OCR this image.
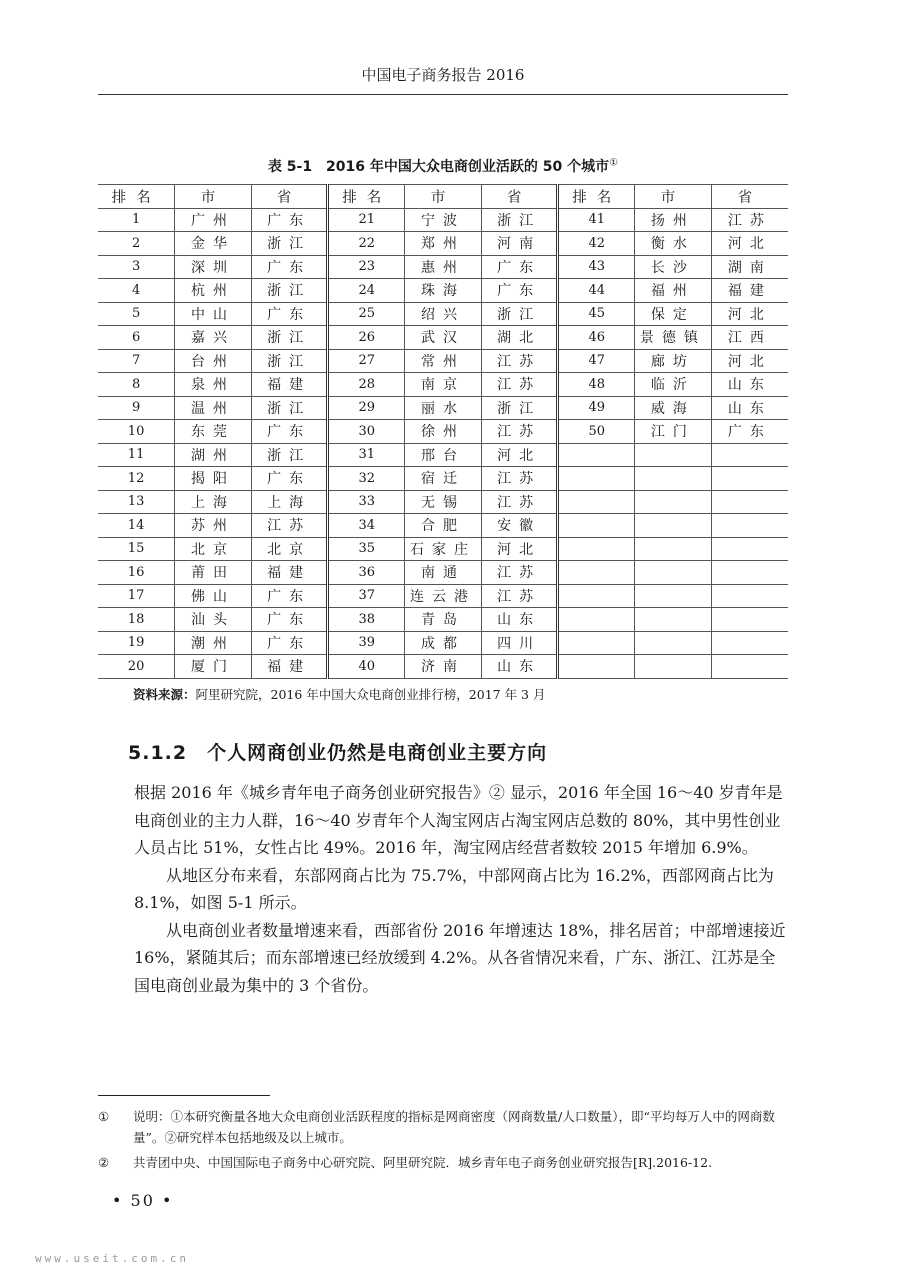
中国电子商务报告 2016
表 5-1　2016 年中国大众电商创业活跃的 50 个城市①
排名	市	省	排名	市	省	排名	市	省
1	广州	广东	21	宁波	浙江	41	扬州	江苏
2	金华	浙江	22	郑州	河南	42	衡水	河北
3	深圳	广东	23	惠州	广东	43	长沙	湖南
4	杭州	浙江	24	珠海	广东	44	福州	福建
5	中山	广东	25	绍兴	浙江	45	保定	河北
6	嘉兴	浙江	26	武汉	湖北	46	景德镇	江西
7	台州	浙江	27	常州	江苏	47	廊坊	河北
8	泉州	福建	28	南京	江苏	48	临沂	山东
9	温州	浙江	29	丽水	浙江	49	威海	山东
10	东莞	广东	30	徐州	江苏	50	江门	广东
11	湖州	浙江	31	邢台	河北			
12	揭阳	广东	32	宿迁	江苏			
13	上海	上海	33	无锡	江苏			
14	苏州	江苏	34	合肥	安徽			
15	北京	北京	35	石家庄	河北			
16	莆田	福建	36	南通	江苏			
17	佛山	广东	37	连云港	江苏			
18	汕头	广东	38	青岛	山东			
19	潮州	广东	39	成都	四川			
20	厦门	福建	40	济南	山东			
资料来源：阿里研究院，2016 年中国大众电商创业排行榜，2017 年 3 月
5.1.2　个人网商创业仍然是电商创业主要方向

根据 2016 年《城乡青年电子商务创业研究报告》② 显示，2016 年全国 16～40 岁青年是电商创业的主力人群，16～40 岁青年个人淘宝网店占淘宝网店总数的 80%，其中男性创业人员占比 51%，女性占比 49%。2016 年，淘宝网店经营者数较 2015 年增加 6.9%。

　　从地区分布来看，东部网商占比为 75.7%，中部网商占比为 16.2%，西部网商占比为 8.1%，如图 5-1 所示。

　　从电商创业者数量增速来看，西部省份 2016 年增速达 18%，排名居首；中部增速接近 16%，紧随其后；而东部增速已经放缓到 4.2%。从各省情况来看，广东、浙江、江苏是全国电商创业最为集中的 3 个省份。

①	说明：①本研究衡量各地大众电商创业活跃程度的指标是网商密度（网商数量/人口数量），即“平均每万人中的网商数量”。②研究样本包括地级及以上城市。
②	共青团中央、中国国际电子商务中心研究院、阿里研究院．城乡青年电子商务创业研究报告[R].2016-12.
• 50 •
www.useit.com.cn
